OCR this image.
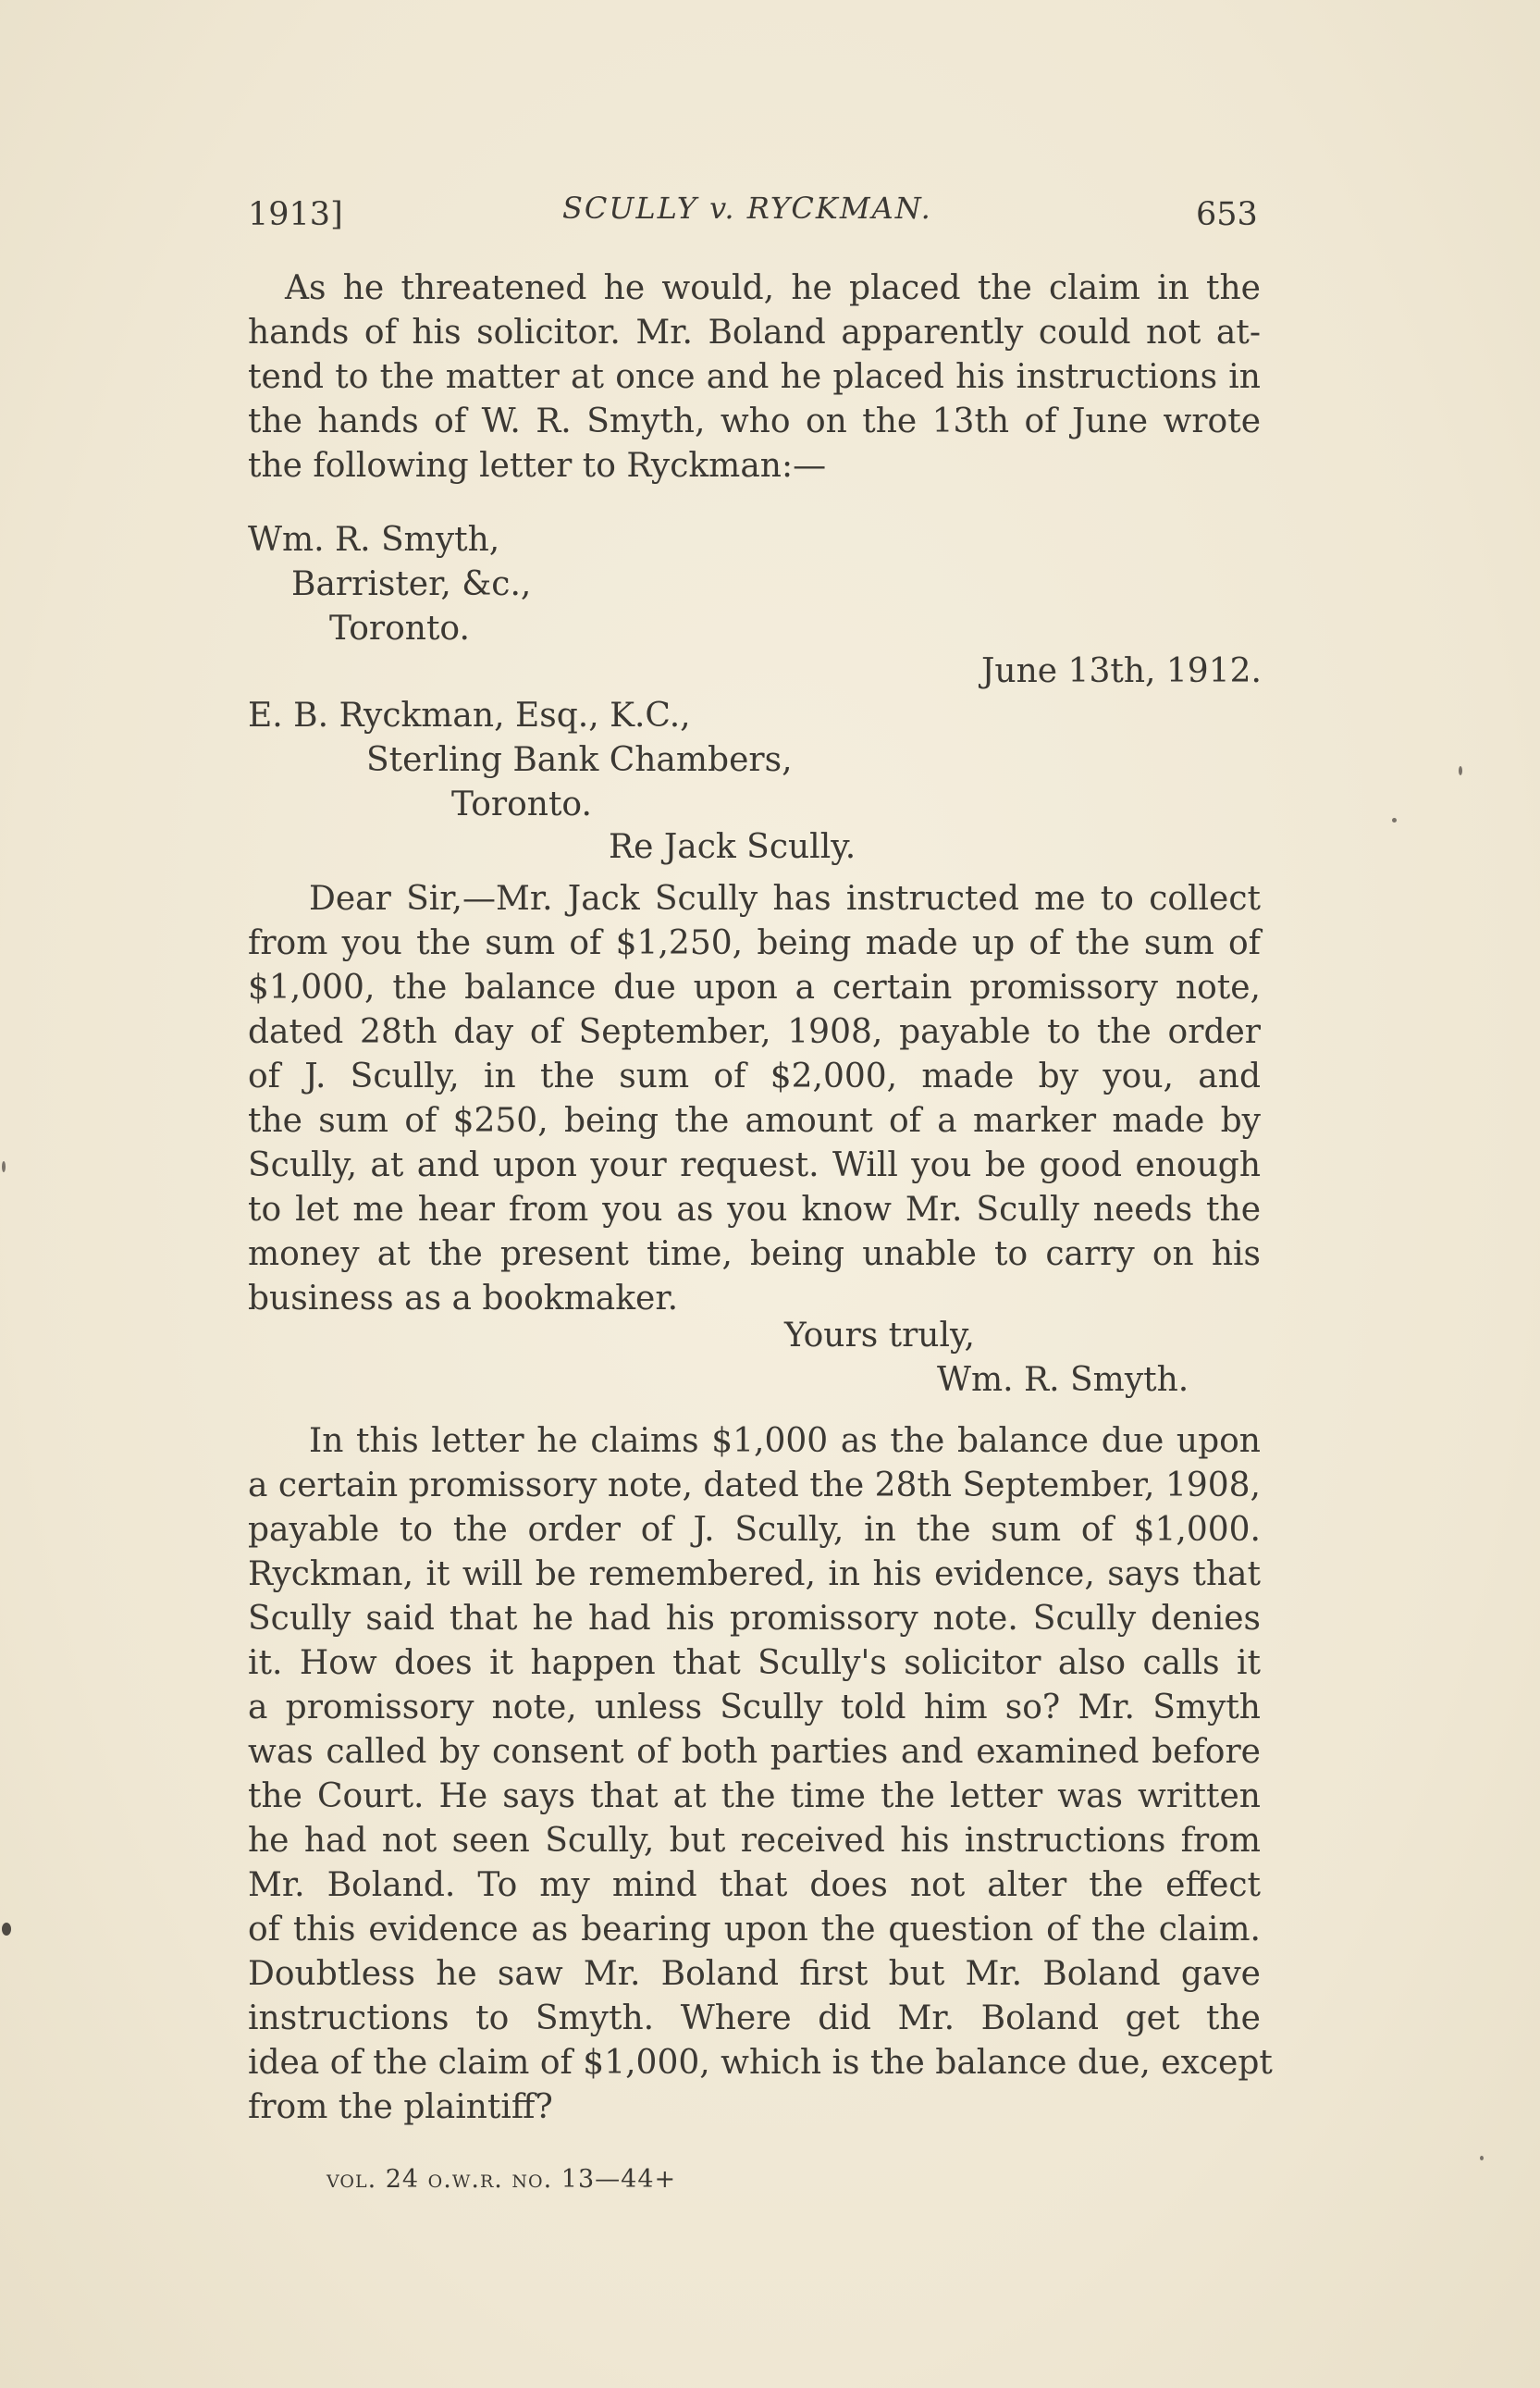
1913]	SCULLY v. RYCKMAN.	653
As he threatened he would, he placed the claim in the
hands of his solicitor. Mr. Boland apparently could not at-
tend to the matter at once and he placed his instructions in
the hands of W. R. Smyth, who on the 13th of June wrote
the following letter to Ryckman:—
Wm. R. Smyth,
Barrister, &c.,
Toronto.
June 13th, 1912.
E. B. Ryckman, Esq., K.C.,
Sterling Bank Chambers,
Toronto.
Re Jack Scully.
Dear Sir,—Mr. Jack Scully has instructed me to collect
from you the sum of $1,250, being made up of the sum of
$1,000, the balance due upon a certain promissory note,
dated 28th day of September, 1908, payable to the order
of J. Scully, in the sum of $2,000, made by you, and
the sum of $250, being the amount of a marker made by
Scully, at and upon your request. Will you be good enough
to let me hear from you as you know Mr. Scully needs the
money at the present time, being unable to carry on his
business as a bookmaker.
Yours truly,
Wm. R. Smyth.
In this letter he claims $1,000 as the balance due upon
a certain promissory note, dated the 28th September, 1908,
payable to the order of J. Scully, in the sum of $1,000.
Ryckman, it will be remembered, in his evidence, says that
Scully said that he had his promissory note. Scully denies
it. How does it happen that Scully's solicitor also calls it
a promissory note, unless Scully told him so? Mr. Smyth
was called by consent of both parties and examined before
the Court. He says that at the time the letter was written
he had not seen Scully, but received his instructions from
Mr. Boland. To my mind that does not alter the effect
of this evidence as bearing upon the question of the claim.
Doubtless he saw Mr. Boland first but Mr. Boland gave
instructions to Smyth. Where did Mr. Boland get the
idea of the claim of $1,000, which is the balance due, except
from the plaintiff?
vol. 24 o.w.r. no. 13—44+
